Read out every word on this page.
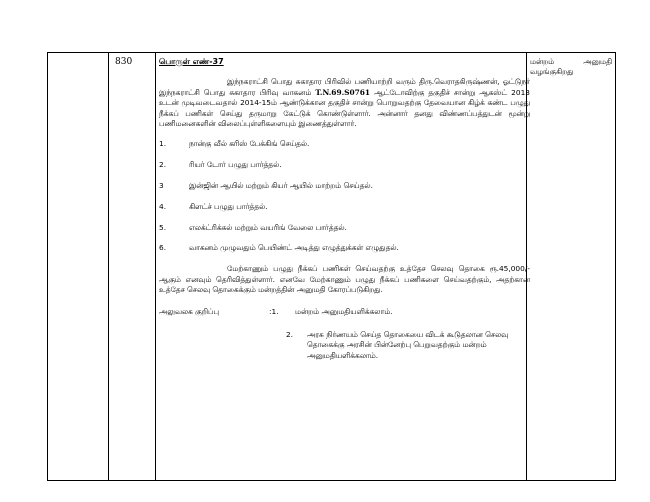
830	பொருள் எண்-37

இந்நகராட்சி பொது சுகாதார பிரிவில் பணியாற்றி வரும் திரு.வெராதகிருஷ்ணன், ஓட்டுநர் இந்நகராட்சி பொது சுகாதார பிரிவு வாகனம் T.N.69.S0761 ஆட்டோவிற்கு தகுதிச் சான்று ஆகஸ்ட் 2013 உடன் முடிவடைவதால் 2014-15ம் ஆண்டுக்கான தகுதிச் சான்று பொறுவதற்கு தேவையான கிழ்க் கண்ட பழுது நீக்கப் பணிகள் செய்து தருமாறு கேட்டுக் கொண்டுள்ளார். அன்னார் தனது விண்ணப்பத்துடன் மூன்று பணிமனைகளின் விலைப்புள்ளிகளையும் இணைத்துள்ளார்.

1.	நான்கு வீல் கரிஸ் பேக்கிங் செய்தல்.
2.	ரியர் டோர் பழுது பார்த்தல்.
3	இன்ஜின் ஆயில் மற்றும் கியர் ஆயில் மாற்றம் செய்தல்.
4.	கிளட்ச் பழுது பார்த்தல்.
5.	எலக்ட்ரிக்கல் மற்றும் வயரிங் வேலை பார்த்தல்.
6.	வாகனம் முழுவதும் பெயிண்ட் அடித்து எழுத்துக்கள் எழுதுதல்.

மேற்காணும் பழுது நீக்கப் பணிகள் செய்வதற்கு உத்தேச செலவு தொகை ரூ.45,000/-ஆகும் எனவும் தெரிவித்துள்ளார். எனவே மேற்காணும் பழுது நீக்கப் பணிகளை செய்வதற்கும், அதற்கான உத்தேச செலவு தொகைக்கும் மன்றத்தின் அனுமதி கோரப்படுகிறது.

அலுவலக குறிப்பு	:1.	மன்றம் அனுமதியளிக்கலாம்.
2.	அரசு நிர்ணயம் செய்த தொகையை விடக் கூடுதலான செலவு தொகைக்கு அரசின் பின்னேற்பு பெறுவதற்கும் மன்றம் அனுமதியளிக்கலாம்.
மன்றம்	அனுமதி
வழங்குகிறது
